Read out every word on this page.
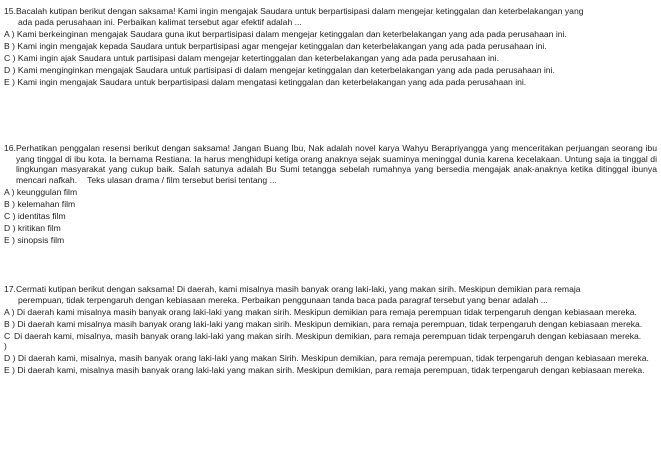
15. Bacalah kutipan berikut dengan saksama! Kami ingin mengajak Saudara untuk berpartisipasi dalam mengejar ketinggalan dan keterbelakangan yang
ada pada perusahaan ini. Perbaikan kalimat tersebut agar efektif adalah ...
A )
Kami berkeinginan mengajak Saudara guna ikut berpartisipasi dalam mengejar ketinggalan dan keterbelakangan yang ada pada perusahaan ini.
B )
Kami ingin mengajak kepada Saudara untuk berpartisipasi agar mengejar ketinggalan dan keterbelakangan yang ada pada perusahaan ini.
C )
Kami ingin ajak Saudara untuk partisipasi dalam mengejar ketertinggalan dan keterbelakangan yang ada pada perusahaan ini.
D )
Kami menginginkan mengajak Saudara untuk partisipasi di dalam mengejar ketinggalan dan keterbelakangan yang ada pada perusahaan ini.
E )
Kami ingin mengajak Saudara untuk berpartisipasi dalam mengatasi ketinggalan dan keterbelakangan yang ada pada perusahaan ini.
16. Perhatikan penggalan resensi berikut dengan saksama! Jangan Buang Ibu, Nak adalah novel karya Wahyu Berapriyangga yang menceritakan perjuangan seorang ibu yang tinggal di ibu kota. Ia bernama Restiana. Ia harus menghidupi ketiga orang anaknya sejak suaminya meninggal dunia karena kecelakaan. Untung saja ia tinggal di lingkungan masyarakat yang cukup baik. Salah satunya adalah Bu Sumi tetangga sebelah rumahnya yang bersedia mengajak anak-anaknya ketika ditinggal ibunya mencari nafkah. Teks ulasan drama / film tersebut berisi tentang ...
A )
keunggulan film
B )
kelemahan film
C )
identitas film
D )
kritikan film
E )
sinopsis film
17. Cermati kutipan berikut dengan saksama! Di daerah, kami misalnya masih banyak orang laki-laki, yang makan sirih. Meskipun demikian para remaja
perempuan, tidak terpengaruh dengan kebiasaan mereka. Perbaikan penggunaan tanda baca pada paragraf tersebut yang benar adalah ...
A )
Di daerah kami misalnya masih banyak orang laki-laki yang makan sirih. Meskipun demikian para remaja perempuan tidak terpengaruh dengan kebiasaan mereka.
B )
Di daerah kami misalnya masih banyak orang laki-laki yang makan sirih. Meskipun demikian, para remaja perempuan, tidak terpengaruh dengan kebiasaan mereka.
C
)
Di daerah kami, misalnya, masih banyak orang laki-laki yang makan sirih. Meskipun demikian, para remaja perempuan tidak terpengaruh dengan kebiasaan mereka.
D )
Di daerah kami, misalnya, masih banyak orang laki-laki yang makan Sirih. Meskipun demikian, para remaja perempuan, tidak terpengaruh dengan kebiasaan mereka.
E )
Di daerah kami, misalnya masih banyak orang laki-laki yang makan sirih. Meskipun demikian, para remaja perempuan, tidak terpengaruh dengan kebiasaan mereka.
